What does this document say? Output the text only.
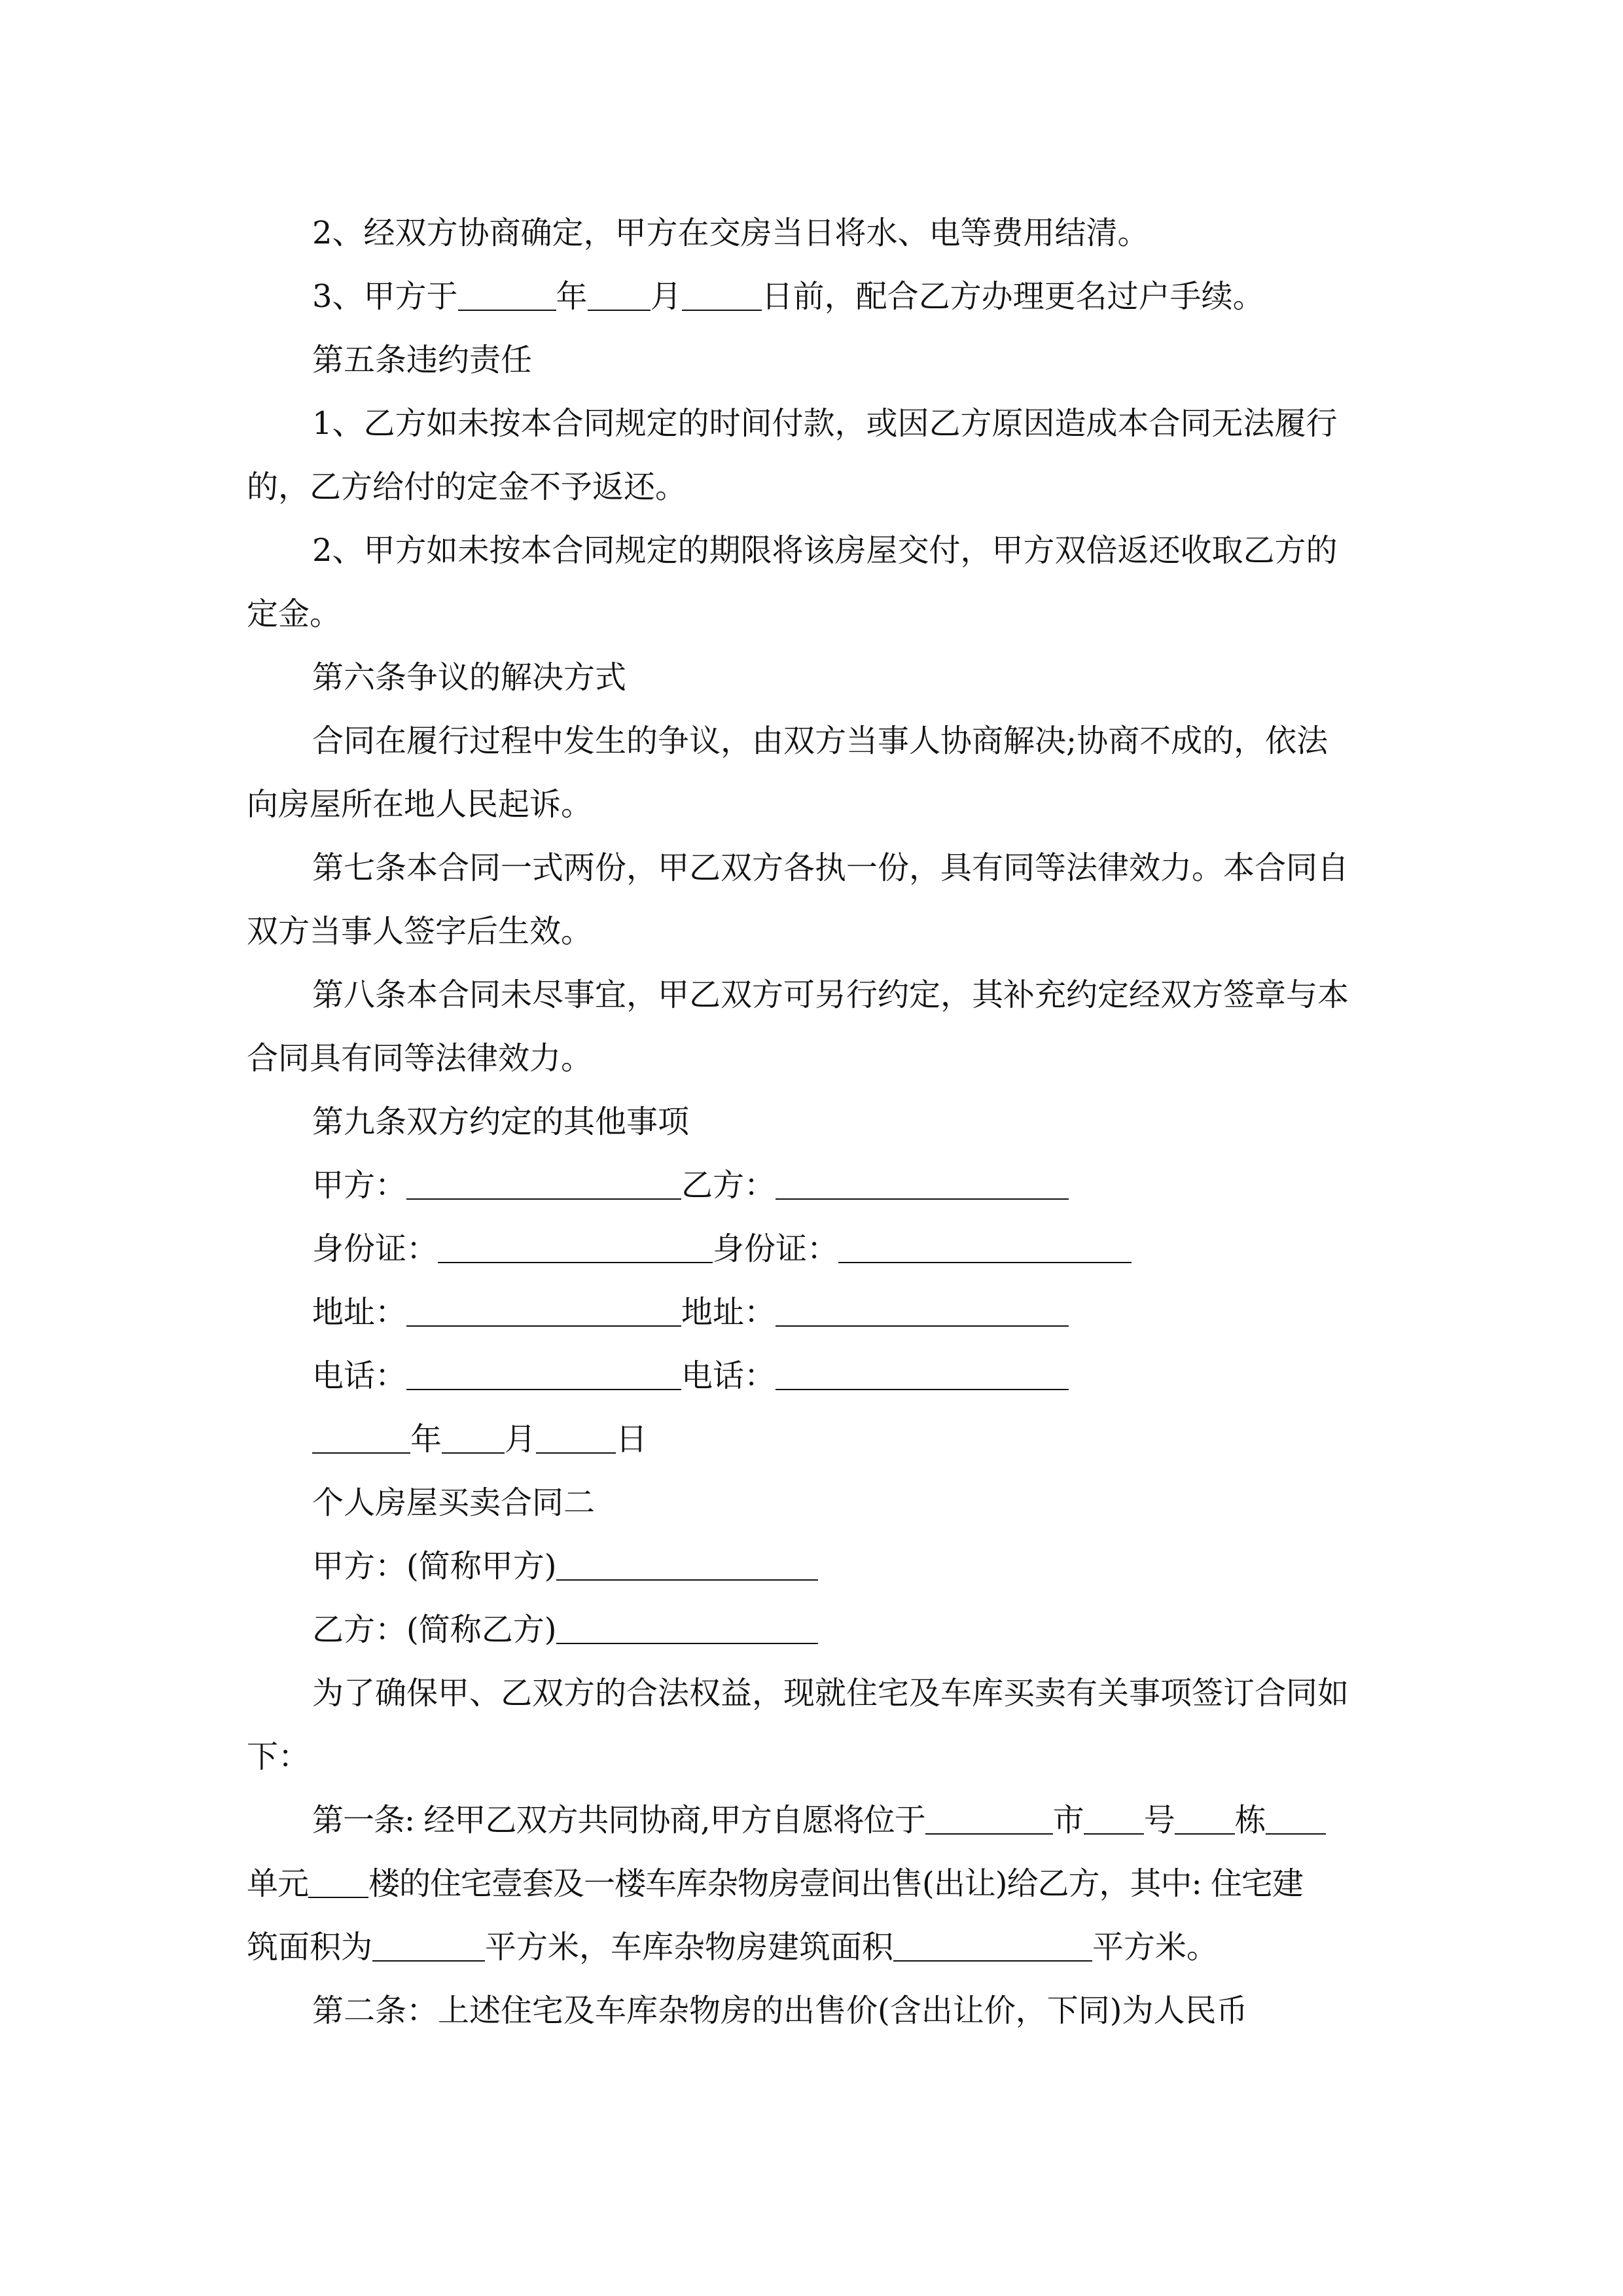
2、经双方协商确定，甲方在交房当日将水、电等费用结清。

3、甲方于	年 月	日前，配合乙方办理更名过户手续。

第五条违约责任

1、乙方如未按本合同规定的时间付款，或因乙方原因造成本合同无法履行

的，乙方给付的定金不予返还。

2、甲方如未按本合同规定的期限将该房屋交付，甲方双倍返还收取乙方的

定金。

第六条争议的解决方式

合同在履行过程中发生的争议，由双方当事人协商解决;协商不成的，依法

向房屋所在地人民起诉。

第七条本合同一式两份，甲乙双方各执一份，具有同等法律效力。本合同自

双方当事人签字后生效。

第八条本合同未尽事宜，甲乙双方可另行约定，其补充约定经双方签章与本

合同具有同等法律效力。

第九条双方约定的其他事项

甲方：	乙方：

身份证：	身份证：

地址：	地址：

电话：	电话：

年 月	日

个人房屋买卖合同二

甲方：(简称甲方)

乙方：(简称乙方)

为了确保甲、乙双方的合法权益，现就住宅及车库买卖有关事项签订合同如

下：

第一条: 经甲乙双方共同协商,甲方自愿将位于	市 号 栋

单元 楼的住宅壹套及一楼车库杂物房壹间出售(出让)给乙方，其中: 住宅建

筑面积为	平方米，车库杂物房建筑面积	平方米。

第二条：上述住宅及车库杂物房的出售价(含出让价，下同)为人民币
